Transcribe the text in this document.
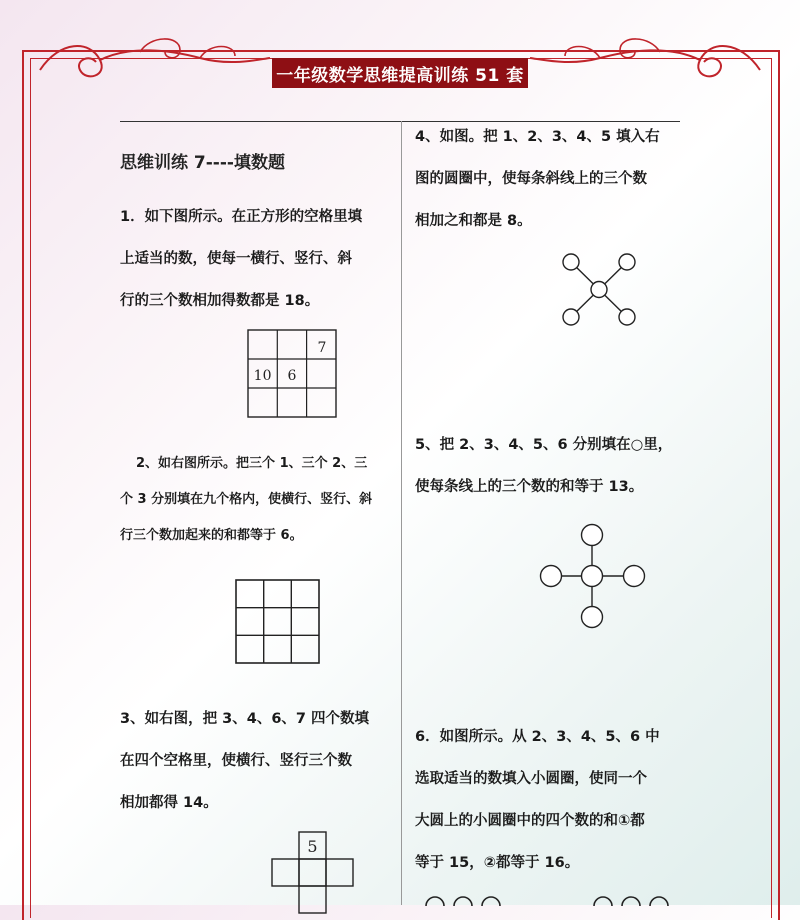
一年级数学思维提高训练 51 套
思维训练 7----填数题
1．如下图所示。在正方形的空格里填
上适当的数，使每一横行、竖行、斜
行的三个数相加得数都是 18。
7
10 6
2、如右图所示。把三个 1、三个 2、三
个 3 分别填在九个格内，使横行、竖行、斜
行三个数加起来的和都等于 6。
3、如右图，把 3、4、6、7 四个数填
在四个空格里，使横行、竖行三个数
相加都得 14。
5
4、如图。把 1、2、3、4、5 填入右
图的圆圈中，使每条斜线上的三个数
相加之和都是 8。
5、把 2、3、4、5、6 分别填在○里，
使每条线上的三个数的和等于 13。
6．如图所示。从 2、3、4、5、6 中
选取适当的数填入小圆圈，使同一个
大圆上的小圆圈中的四个数的和①都
等于 15，②都等于 16。
